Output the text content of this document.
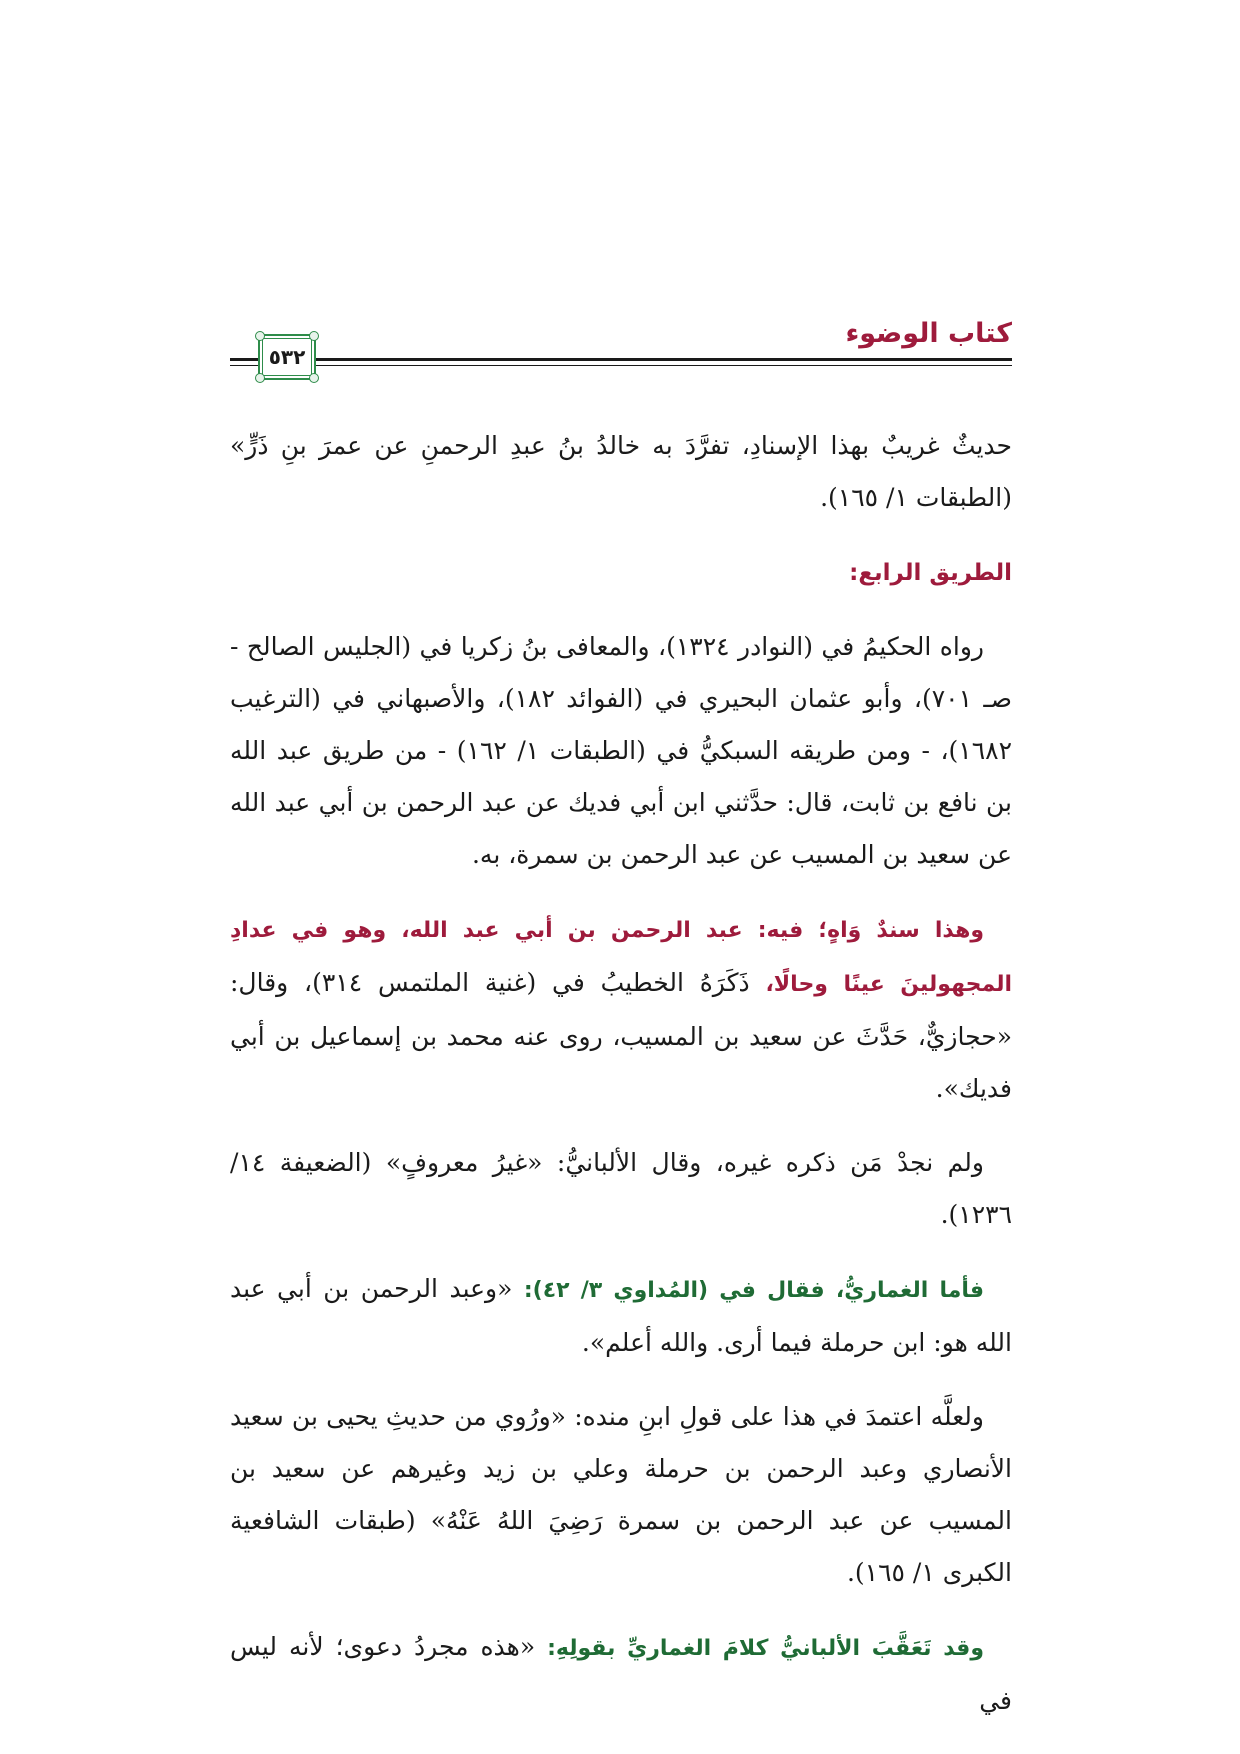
كتاب الوضوء
٥٣٢

حديثٌ غريبٌ بهذا الإسنادِ، تفرَّدَ به خالدُ بنُ عبدِ الرحمنِ عن عمرَ بنِ ذَرٍّ» (الطبقات ١/ ١٦٥).

الطريق الرابع:

رواه الحكيمُ في (النوادر ١٣٢٤)، والمعافى بنُ زكريا في (الجليس الصالح - صـ ٧٠١)، وأبو عثمان البحيري في (الفوائد ١٨٢)، والأصبهاني في (الترغيب ١٦٨٢)، - ومن طريقه السبكيُّ في (الطبقات ١/ ١٦٢) - من طريق عبد الله بن نافع بن ثابت، قال: حدَّثني ابن أبي فديك عن عبد الرحمن بن أبي عبد الله عن سعيد بن المسيب عن عبد الرحمن بن سمرة، به.

وهذا سندٌ وَاهٍ؛ فيه: عبد الرحمن بن أبي عبد الله، وهو في عدادِ المجهولينَ عينًا وحالًا، ذَكَرَهُ الخطيبُ في (غنية الملتمس ٣١٤)، وقال: «حجازيٌّ، حَدَّثَ عن سعيد بن المسيب، روى عنه محمد بن إسماعيل بن أبي فديك».

ولم نجدْ مَن ذكره غيره، وقال الألبانيُّ: «غيرُ معروفٍ» (الضعيفة ١٤/ ١٢٣٦).

فأما الغماريُّ، فقال في (المُداوي ٣/ ٤٢): «وعبد الرحمن بن أبي عبد الله هو: ابن حرملة فيما أرى. والله أعلم».

ولعلَّه اعتمدَ في هذا على قولِ ابنِ منده: «ورُوي من حديثِ يحيى بن سعيد الأنصاري وعبد الرحمن بن حرملة وعلي بن زيد وغيرهم عن سعيد بن المسيب عن عبد الرحمن بن سمرة رَضِيَ اللهُ عَنْهُ» (طبقات الشافعية الكبرى ١/ ١٦٥).

وقد تَعَقَّبَ الألبانيُّ كلامَ الغماريِّ بقولِهِ: «هذه مجردُ دعوى؛ لأنه ليس في
